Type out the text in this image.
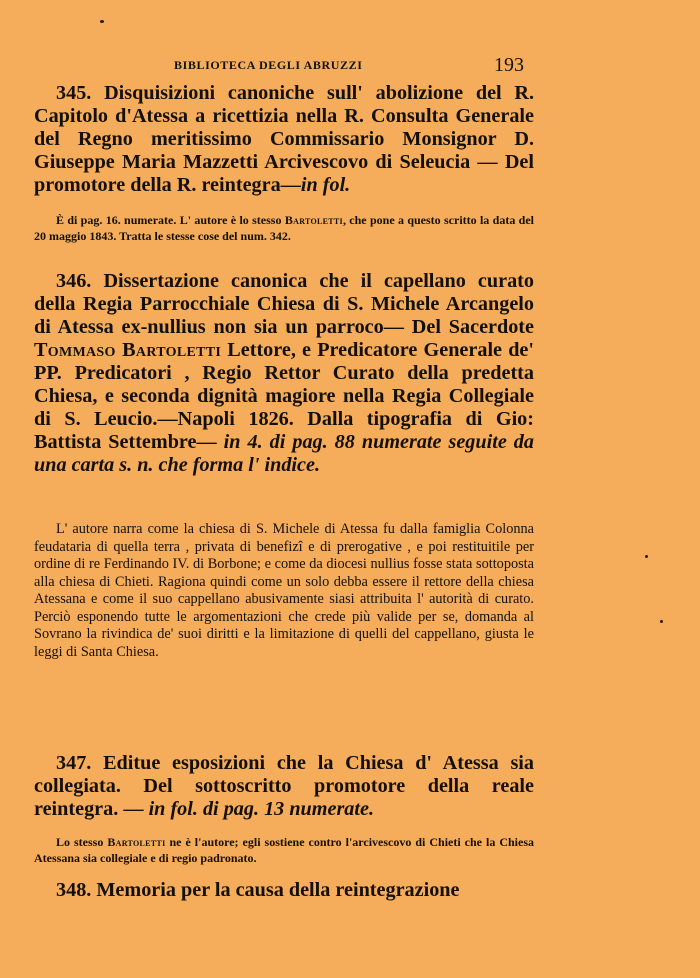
BIBLIOTECA DEGLI ABRUZZI	193

345. Disquisizioni canoniche sull' abolizione del R. Capitolo d'Atessa a ricettizia nella R. Consulta Generale del Regno meritissimo Commissario Monsignor D. Giuseppe Maria Mazzetti Arcivescovo di Seleucia — Del promotore della R. reintegra—in fol.

È di pag. 16. numerate. L' autore è lo stesso Bartoletti, che pone a questo scritto la data del 20 maggio 1843. Tratta le stesse cose del num. 342.

346. Dissertazione canonica che il capellano curato della Regia Parrocchiale Chiesa di S. Michele Arcangelo di Atessa ex-nullius non sia un parroco— Del Sacerdote Tommaso Bartoletti Lettore, e Predicatore Generale de' PP. Predicatori , Regio Rettor Curato della predetta Chiesa, e seconda dignità magiore nella Regia Collegiale di S. Leucio.—Napoli 1826. Dalla tipografia di Gio: Battista Settembre— in 4. di pag. 88 numerate seguite da una carta s. n. che forma l' indice.

L' autore narra come la chiesa di S. Michele di Atessa fu dalla famiglia Colonna feudataria di quella terra , privata di benefizî e di prerogative , e poi restituitile per ordine di re Ferdinando IV. di Borbone; e come da diocesi nullius fosse stata sottoposta alla chiesa di Chieti. Ragiona quindi come un solo debba essere il rettore della chiesa Atessana e come il suo cappellano abusivamente siasi attribuita l' autorità di curato. Perciò esponendo tutte le argomentazioni che crede più valide per se, domanda al Sovrano la rivindica de' suoi diritti e la limitazione di quelli del cappellano, giusta le leggi di Santa Chiesa.

347. Editue esposizioni che la Chiesa d' Atessa sia collegiata. Del sottoscritto promotore della reale reintegra. — in fol. di pag. 13 numerate.

Lo stesso Bartoletti ne è l'autore; egli sostiene contro l'arcivescovo di Chieti che la Chiesa Atessana sia collegiale e di regio padronato.

348. Memoria per la causa della reintegrazione
